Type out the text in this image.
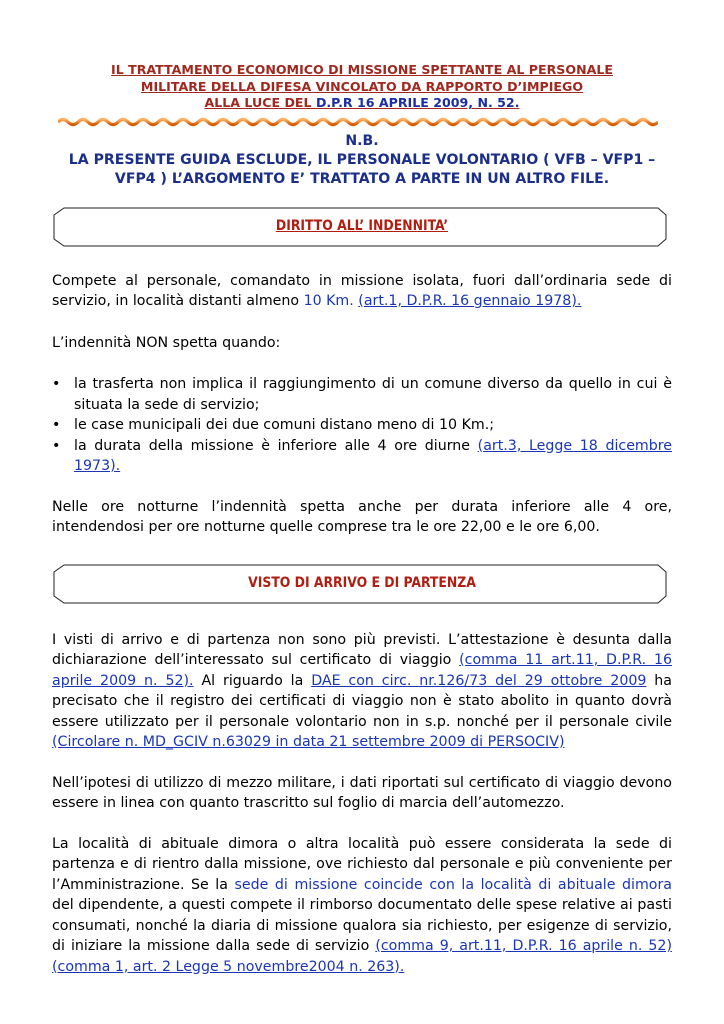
IL TRATTAMENTO ECONOMICO DI MISSIONE SPETTANTE AL PERSONALE
MILITARE DELLA DIFESA VINCOLATO DA RAPPORTO D’IMPIEGO
ALLA LUCE DEL D.P.R 16 APRILE 2009, N. 52.
N.B.
LA PRESENTE GUIDA ESCLUDE, IL PERSONALE VOLONTARIO ( VFB – VFP1 – VFP4 ) L’ARGOMENTO E’ TRATTATO A PARTE IN UN ALTRO FILE.
DIRITTO ALL’ INDENNITA’

Compete al personale, comandato in missione isolata, fuori dall’ordinaria sede di servizio, in località distanti almeno 10 Km. (art.1, D.P.R. 16 gennaio 1978).

L’indennità NON spetta quando:

• la trasferta non implica il raggiungimento di un comune diverso da quello in cui è situata la sede di servizio;
• le case municipali dei due comuni distano meno di 10 Km.;
• la durata della missione è inferiore alle 4 ore diurne (art.3, Legge 18 dicembre 1973).

Nelle ore notturne l’indennità spetta anche per durata inferiore alle 4 ore, intendendosi per ore notturne quelle comprese tra le ore 22,00 e le ore 6,00.

VISTO DI ARRIVO E DI PARTENZA

I visti di arrivo e di partenza non sono più previsti. L’attestazione è desunta dalla dichiarazione dell’interessato sul certificato di viaggio (comma 11 art.11, D.P.R. 16 aprile 2009 n. 52). Al riguardo la DAE con circ. nr.126/73 del 29 ottobre 2009 ha precisato che il registro dei certificati di viaggio non è stato abolito in quanto dovrà essere utilizzato per il personale volontario non in s.p. nonché per il personale civile (Circolare n. MD_GCIV n.63029 in data 21 settembre 2009 di PERSOCIV)

Nell’ipotesi di utilizzo di mezzo militare, i dati riportati sul certificato di viaggio devono essere in linea con quanto trascritto sul foglio di marcia dell’automezzo.

La località di abituale dimora o altra località può essere considerata la sede di partenza e di rientro dalla missione, ove richiesto dal personale e più conveniente per l’Amministrazione. Se la sede di missione coincide con la località di abituale dimora del dipendente, a questi compete il rimborso documentato delle spese relative ai pasti consumati, nonché la diaria di missione qualora sia richiesto, per esigenze di servizio, di iniziare la missione dalla sede di servizio (comma 9, art.11, D.P.R. 16 aprile n. 52) (comma 1, art. 2 Legge 5 novembre2004 n. 263).
